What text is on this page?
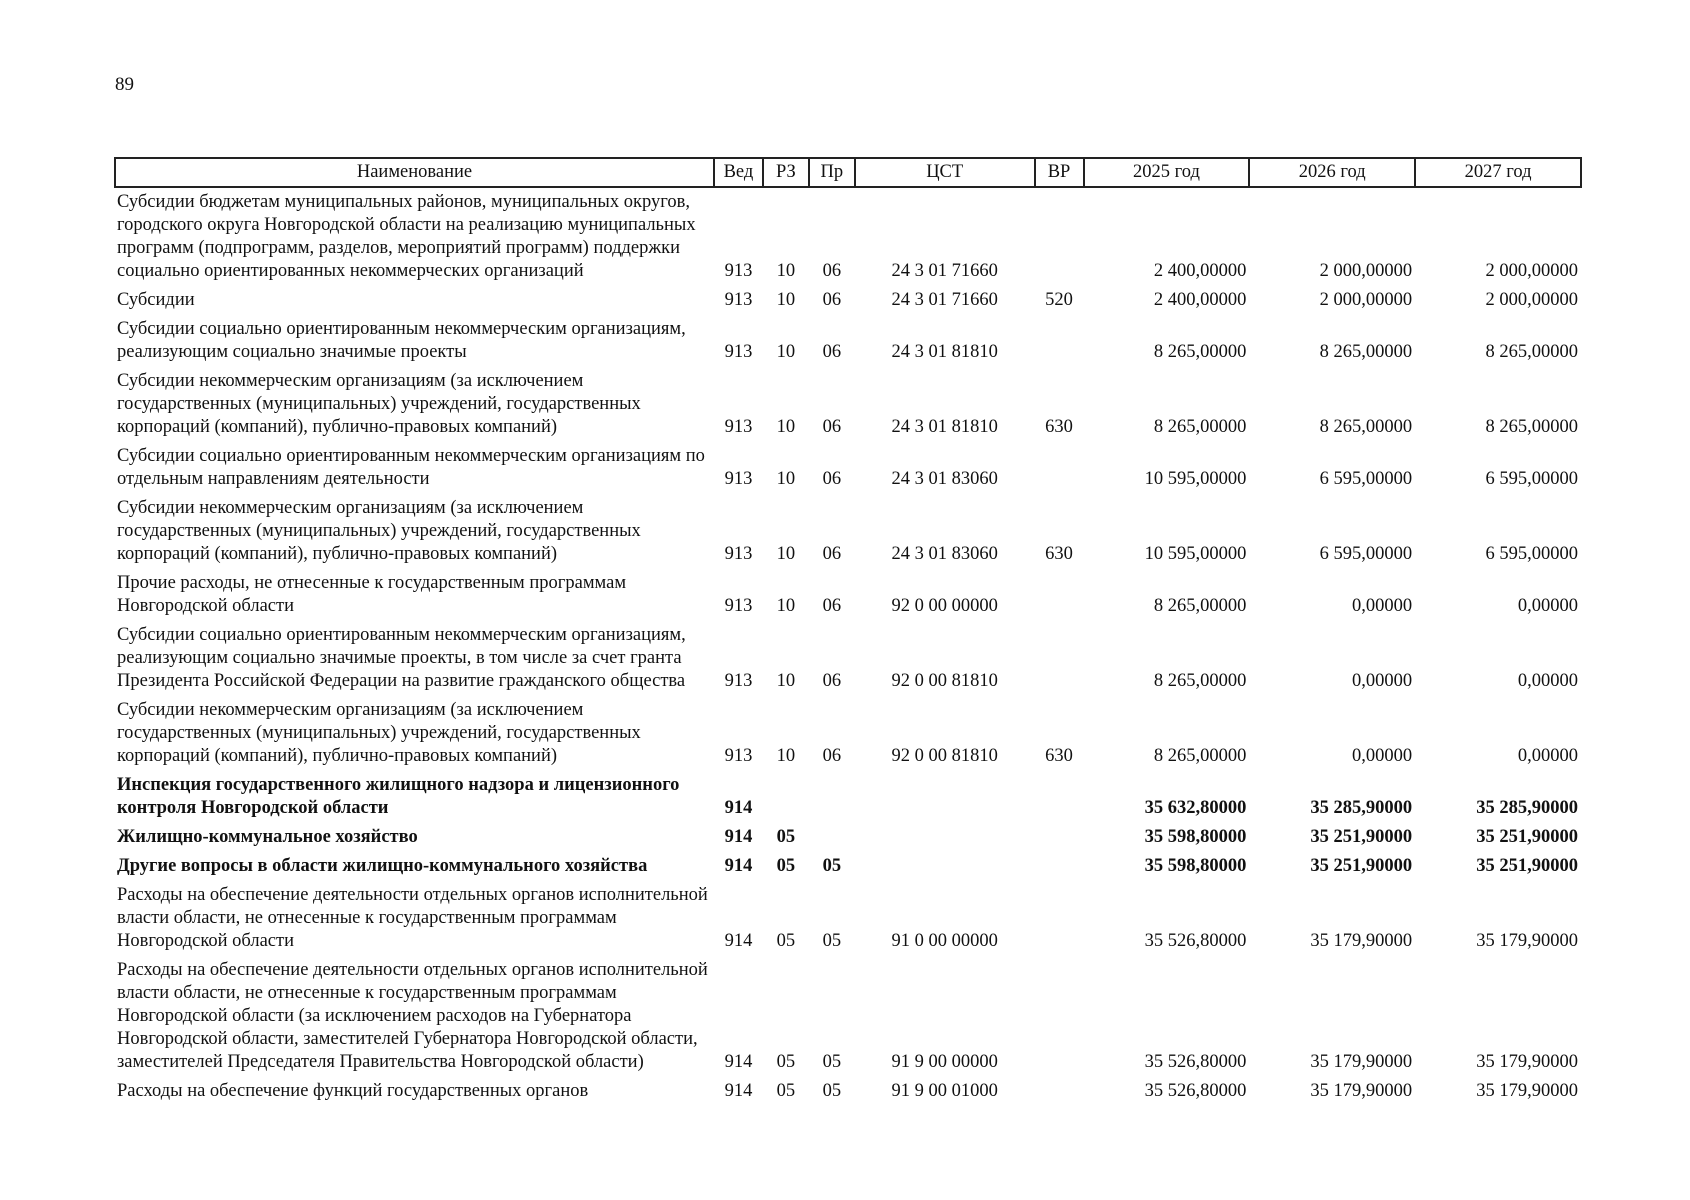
89
Наименование	Вед	РЗ	Пр	ЦСТ	ВР	2025 год	2026 год	2027 год
Субсидии бюджетам муниципальных районов, муниципальных округов, городского округа Новгородской области на реализацию муниципальных программ (подпрограмм, разделов, мероприятий программ) поддержки социально ориентированных некоммерческих организаций	913	10	06	24 3 01 71660		2 400,00000	2 000,00000	2 000,00000
Субсидии	913	10	06	24 3 01 71660	520	2 400,00000	2 000,00000	2 000,00000
Субсидии социально ориентированным некоммерческим организациям, реализующим социально значимые проекты	913	10	06	24 3 01 81810		8 265,00000	8 265,00000	8 265,00000
Субсидии некоммерческим организациям (за исключением государственных (муниципальных) учреждений, государственных корпораций (компаний), публично-правовых компаний)	913	10	06	24 3 01 81810	630	8 265,00000	8 265,00000	8 265,00000
Субсидии социально ориентированным некоммерческим организациям по отдельным направлениям деятельности	913	10	06	24 3 01 83060		10 595,00000	6 595,00000	6 595,00000
Субсидии некоммерческим организациям (за исключением государственных (муниципальных) учреждений, государственных корпораций (компаний), публично-правовых компаний)	913	10	06	24 3 01 83060	630	10 595,00000	6 595,00000	6 595,00000
Прочие расходы, не отнесенные к государственным программам Новгородской области	913	10	06	92 0 00 00000		8 265,00000	0,00000	0,00000
Субсидии социально ориентированным некоммерческим организациям, реализующим социально значимые проекты, в том числе за счет гранта Президента Российской Федерации на развитие гражданского общества	913	10	06	92 0 00 81810		8 265,00000	0,00000	0,00000
Субсидии некоммерческим организациям (за исключением государственных (муниципальных) учреждений, государственных корпораций (компаний), публично-правовых компаний)	913	10	06	92 0 00 81810	630	8 265,00000	0,00000	0,00000
Инспекция государственного жилищного надзора и лицензионного контроля Новгородской области	914					35 632,80000	35 285,90000	35 285,90000
Жилищно-коммунальное хозяйство	914	05				35 598,80000	35 251,90000	35 251,90000
Другие вопросы в области жилищно-коммунального хозяйства	914	05	05			35 598,80000	35 251,90000	35 251,90000
Расходы на обеспечение деятельности отдельных органов исполнительной власти области, не отнесенные к государственным программам Новгородской области	914	05	05	91 0 00 00000		35 526,80000	35 179,90000	35 179,90000
Расходы на обеспечение деятельности отдельных органов исполнительной власти области, не отнесенные к государственным программам Новгородской области (за исключением расходов на Губернатора Новгородской области, заместителей Губернатора Новгородской области, заместителей Председателя Правительства Новгородской области)	914	05	05	91 9 00 00000		35 526,80000	35 179,90000	35 179,90000
Расходы на обеспечение функций государственных органов	914	05	05	91 9 00 01000		35 526,80000	35 179,90000	35 179,90000
